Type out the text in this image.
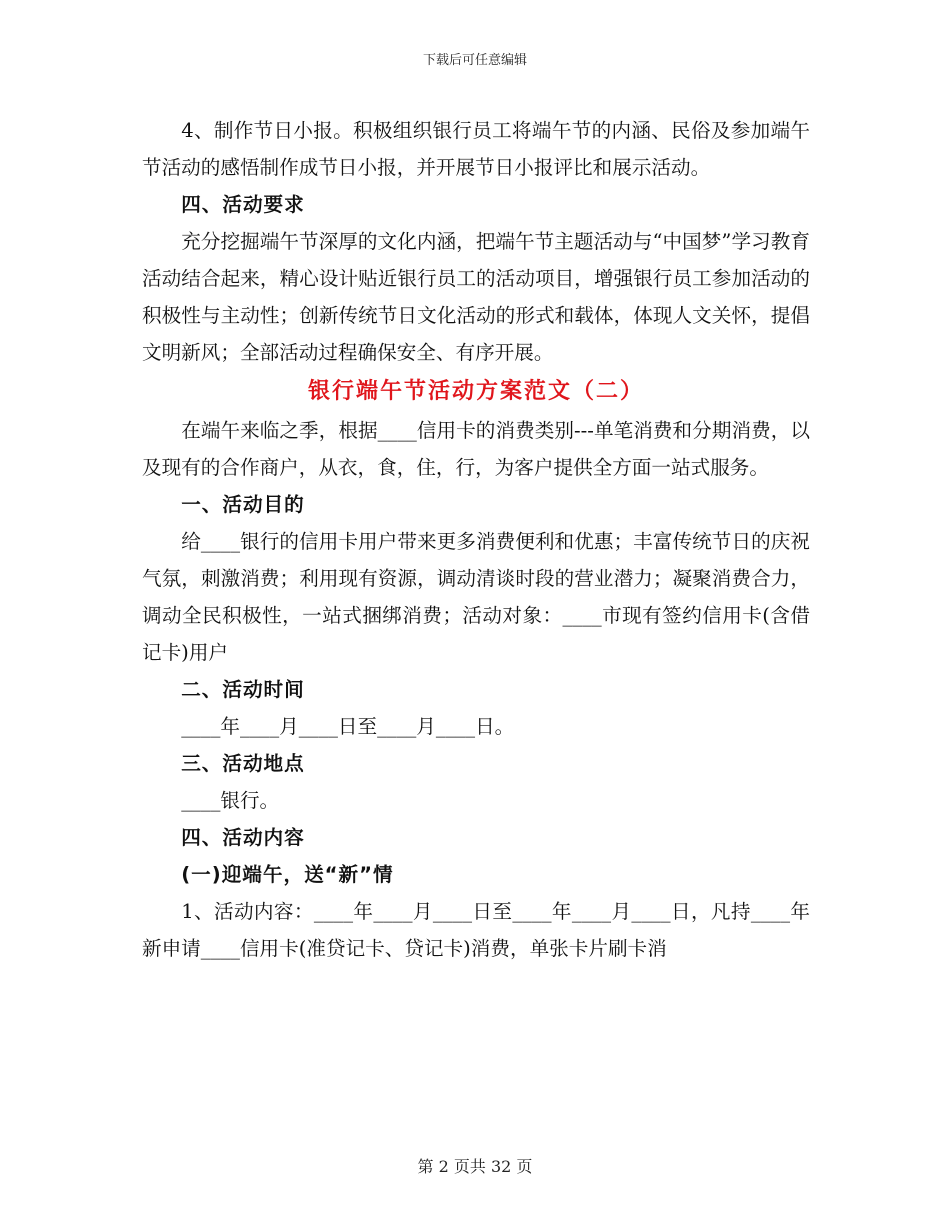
下载后可任意编辑

4、制作节日小报。积极组织银行员工将端午节的内涵、民俗及参加端午节活动的感悟制作成节日小报，并开展节日小报评比和展示活动。

四、活动要求

充分挖掘端午节深厚的文化内涵，把端午节主题活动与“中国梦”学习教育活动结合起来，精心设计贴近银行员工的活动项目，增强银行员工参加活动的积极性与主动性；创新传统节日文化活动的形式和载体，体现人文关怀，提倡文明新风；全部活动过程确保安全、有序开展。

银行端午节活动方案范文（二）

在端午来临之季，根据____信用卡的消费类别---单笔消费和分期消费，以及现有的合作商户，从衣，食，住，行，为客户提供全方面一站式服务。

一、活动目的

给____银行的信用卡用户带来更多消费便利和优惠；丰富传统节日的庆祝气氛，刺激消费；利用现有资源，调动清谈时段的营业潜力；凝聚消费合力，调动全民积极性，一站式捆绑消费；活动对象：____市现有签约信用卡(含借记卡)用户

二、活动时间

____年____月____日至____月____日。

三、活动地点

____银行。

四、活动内容

(一)迎端午，送“新”情

1、活动内容：____年____月____日至____年____月____日，凡持____年新申请____信用卡(准贷记卡、贷记卡)消费，单张卡片刷卡消

第 2 页共 32 页
